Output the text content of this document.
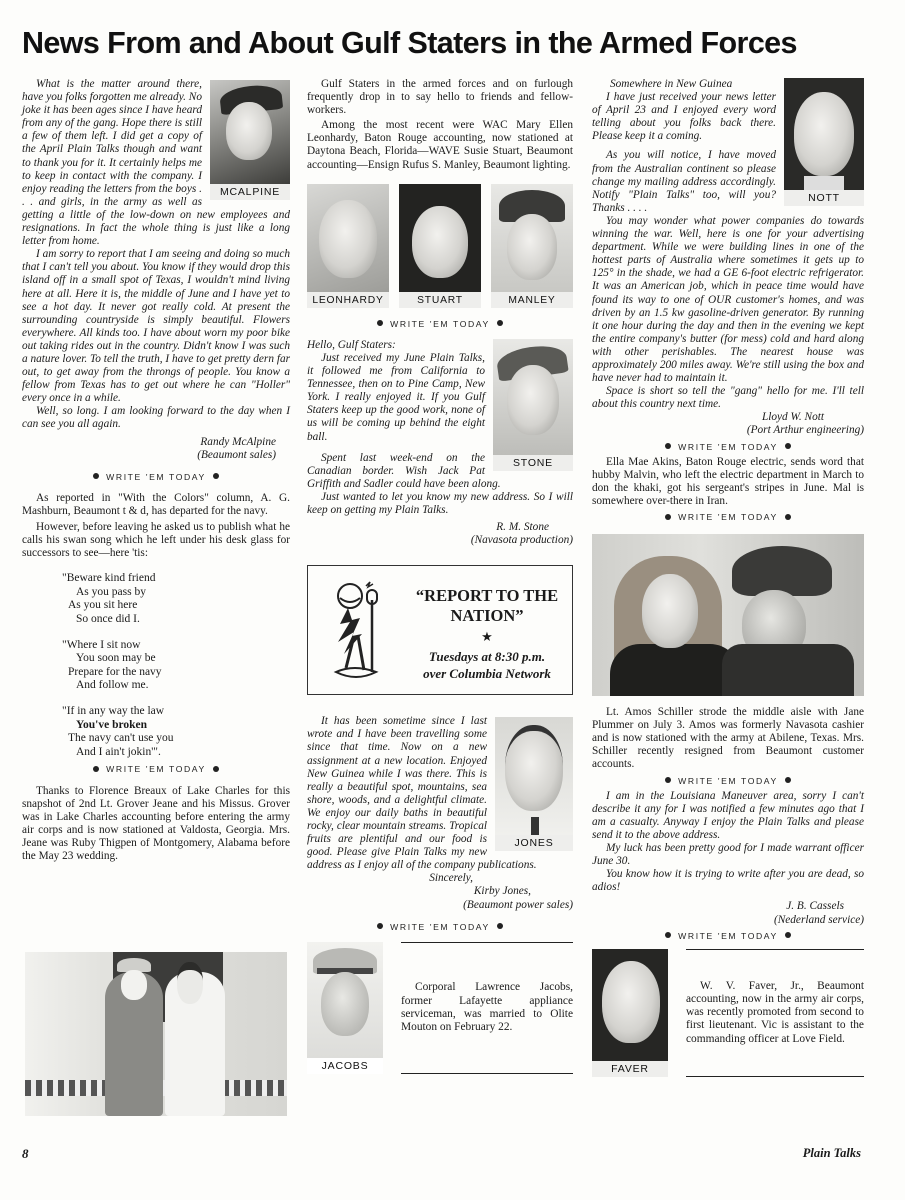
News From and About Gulf Staters in the Armed Forces
MCALPINE

What is the matter around there, have you folks forgotten me already. No joke it has been ages since I have heard from any of the gang. Hope there is still a few of them left. I did get a copy of the April Plain Talks though and want to thank you for it. It certainly helps me to keep in contact with the company. I enjoy reading the letters from the boys . . . and girls, in the army as well as getting a little of the low-down on new employees and resignations. In fact the whole thing is just like a long letter from home.

I am sorry to report that I am seeing and doing so much that I can't tell you about. You know if they would drop this island off in a small spot of Texas, I wouldn't mind living here at all. Here it is, the middle of June and I have yet to see a hot day. It never got really cold. At present the surrounding countryside is simply beautiful. Flowers everywhere. All kinds too. I have about worn my poor bike out taking rides out in the country. Didn't know I was such a nature lover. To tell the truth, I have to get pretty dern far out, to get away from the throngs of people. You know a fellow from Texas has to get out where he can "Holler" every once in a while.

Well, so long. I am looking forward to the day when I can see you all again.

Randy McAlpine
(Beaumont sales)
WRITE 'EM TODAY

As reported in "With the Colors" column, A. G. Mashburn, Beaumont t & d, has departed for the navy.

However, before leaving he asked us to publish what he calls his swan song which he left under his desk glass for successors to see—here 'tis:

"Beware kind friend
As you pass by
As you sit here
So once did I.
"Where I sit now
You soon may be
Prepare for the navy
And follow me.
"If in any way the law
You've broken
The navy can't use you
And I ain't jokin'".
WRITE 'EM TODAY

Thanks to Florence Breaux of Lake Charles for this snapshot of 2nd Lt. Grover Jeane and his Missus. Grover was in Lake Charles accounting before entering the army air corps and is now stationed at Valdosta, Georgia. Mrs. Jeane was Ruby Thigpen of Montgomery, Alabama before the May 23 wedding.

Gulf Staters in the armed forces and on furlough frequently drop in to say hello to friends and fellow-workers.

Among the most recent were WAC Mary Ellen Leonhardy, Baton Rouge accounting, now stationed at Daytona Beach, Florida—WAVE Susie Stuart, Beaumont accounting—Ensign Rufus S. Manley, Beaumont lighting.

LEONHARDY	STUART	MANLEY
WRITE 'EM TODAY
STONE
Hello, Gulf Staters:

Just received my June Plain Talks, it followed me from California to Tennessee, then on to Pine Camp, New York. I really enjoyed it. If you Gulf Staters keep up the good work, none of us will be coming up behind the eight ball.

Spent last week-end on the Canadian border. Wish Jack Pat Griffith and Sadler could have been along.

Just wanted to let you know my new address. So I will keep on getting my Plain Talks.

R. M. Stone
(Navasota production)
“REPORT TO THE NATION”
★
Tuesdays at 8:30 p.m.
over Columbia Network
JONES

It has been sometime since I last wrote and I have been travelling some since that time. Now on a new assignment at a new location. Enjoyed New Guinea while I was there. This is really a beautiful spot, mountains, sea shore, woods, and a delightful climate. We enjoy our daily baths in beautiful rocky, clear mountain streams. Tropical fruits are plentiful and our food is good. Please give Plain Talks my new address as I enjoy all of the company publications.

Sincerely,
Kirby Jones,
(Beaumont power sales)
WRITE 'EM TODAY
JACOBS

Corporal Lawrence Jacobs, former Lafayette appliance serviceman, was married to Olite Mouton on February 22.

NOTT

Somewhere in New Guinea

I have just received your news letter of April 23 and I enjoyed every word telling about you folks back there. Please keep it a coming.

As you will notice, I have moved from the Australian continent so please change my mailing address accordingly. Notify "Plain Talks" too, will you? Thanks . . . .

You may wonder what power companies do towards winning the war. Well, here is one for your advertising department. While we were building lines in one of the hottest parts of Australia where sometimes it gets up to 125° in the shade, we had a GE 6-foot electric refrigerator. It was an American job, which in peace time would have found its way to one of OUR customer's homes, and was driven by an 1.5 kw gasoline-driven generator. By running it one hour during the day and then in the evening we kept the entire company's butter (for mess) cold and hard along with other perishables. The nearest house was approximately 200 miles away. We're still using the box and have never had to maintain it.

Space is short so tell the "gang" hello for me. I'll tell about this country next time.

Lloyd W. Nott
(Port Arthur engineering)
WRITE 'EM TODAY

Ella Mae Akins, Baton Rouge electric, sends word that hubby Malvin, who left the electric department in March to don the khaki, got his sergeant's stripes in June. Mal is somewhere over-there in Iran.

WRITE 'EM TODAY

Lt. Amos Schiller strode the middle aisle with Jane Plummer on July 3. Amos was formerly Navasota cashier and is now stationed with the army at Abilene, Texas. Mrs. Schiller recently resigned from Beaumont customer accounts.

WRITE 'EM TODAY

I am in the Louisiana Maneuver area, sorry I can't describe it any for I was notified a few minutes ago that I am a casualty. Anyway I enjoy the Plain Talks and please send it to the above address.

My luck has been pretty good for I made warrant officer June 30.

You know how it is trying to write after you are dead, so adios!

J. B. Cassels
(Nederland service)
WRITE 'EM TODAY
FAVER

W. V. Faver, Jr., Beaumont accounting, now in the army air corps, was recently promoted from second to first lieutenant. Vic is assistant to the commanding officer at Love Field.

8	Plain Talks
